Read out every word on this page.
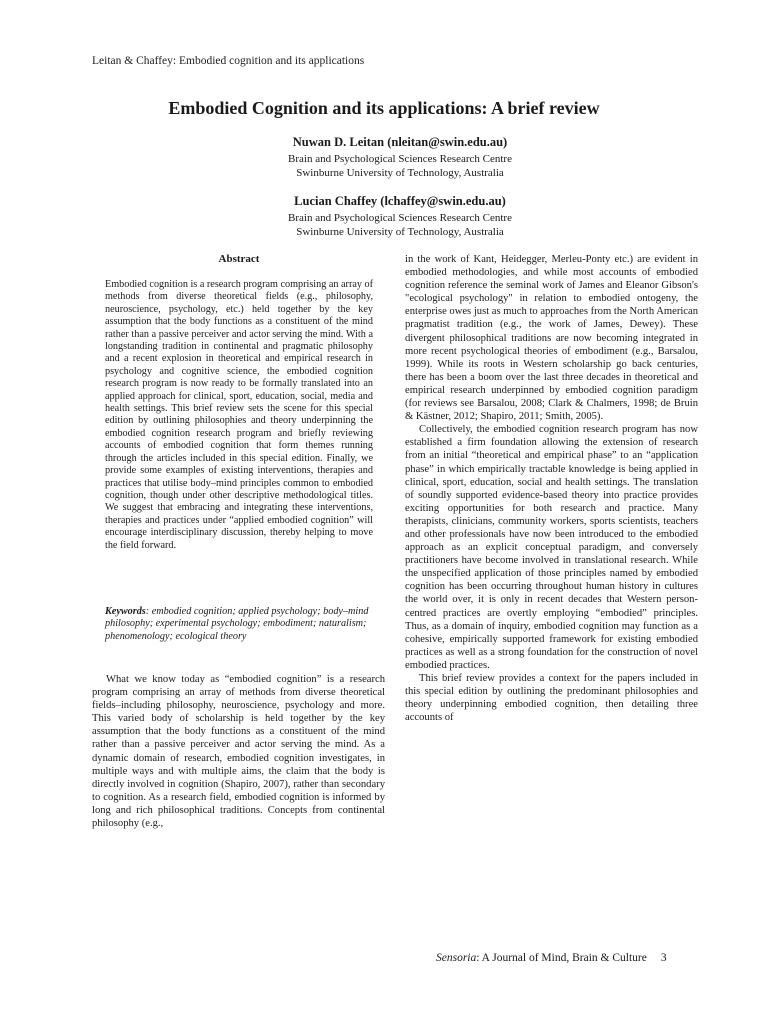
Leitan & Chaffey: Embodied cognition and its applications
Embodied Cognition and its applications: A brief review
Nuwan D. Leitan (nleitan@swin.edu.au)
Brain and Psychological Sciences Research Centre
Swinburne University of Technology, Australia
Lucian Chaffey (lchaffey@swin.edu.au)
Brain and Psychological Sciences Research Centre
Swinburne University of Technology, Australia
Abstract
Embodied cognition is a research program comprising an array of methods from diverse theoretical fields (e.g., philosophy, neuroscience, psychology, etc.) held together by the key assumption that the body functions as a constituent of the mind rather than a passive perceiver and actor serving the mind. With a longstanding tradition in continental and pragmatic philosophy and a recent explosion in theoretical and empirical research in psychology and cognitive science, the embodied cognition research program is now ready to be formally translated into an applied approach for clinical, sport, education, social, media and health settings. This brief review sets the scene for this special edition by outlining philosophies and theory underpinning the embodied cognition research program and briefly reviewing accounts of embodied cognition that form themes running through the articles included in this special edition. Finally, we provide some examples of existing interventions, therapies and practices that utilise body–mind principles common to embodied cognition, though under other descriptive methodological titles. We suggest that embracing and integrating these interventions, therapies and practices under “applied embodied cognition” will encourage interdisciplinary discussion, thereby helping to move the field forward.
Keywords: embodied cognition; applied psychology; body–mind philosophy; experimental psychology; embodiment; naturalism; phenomenology; ecological theory

What we know today as “embodied cognition” is a research program comprising an array of methods from diverse theoretical fields–including philosophy, neuroscience, psychology and more. This varied body of scholarship is held together by the key assumption that the body functions as a constituent of the mind rather than a passive perceiver and actor serving the mind. As a dynamic domain of research, embodied cognition investigates, in multiple ways and with multiple aims, the claim that the body is directly involved in cognition (Shapiro, 2007), rather than secondary to cognition. As a research field, embodied cognition is informed by long and rich philosophical traditions. Concepts from continental philosophy (e.g.,

in the work of Kant, Heidegger, Merleu-Ponty etc.) are evident in embodied methodologies, and while most accounts of embodied cognition reference the seminal work of James and Eleanor Gibson's "ecological psychology" in relation to embodied ontogeny, the enterprise owes just as much to approaches from the North American pragmatist tradition (e.g., the work of James, Dewey). These divergent philosophical traditions are now becoming integrated in more recent psychological theories of embodiment (e.g., Barsalou, 1999). While its roots in Western scholarship go back centuries, there has been a boom over the last three decades in theoretical and empirical research underpinned by embodied cognition paradigm (for reviews see Barsalou, 2008; Clark & Chalmers, 1998; de Bruin & Kästner, 2012; Shapiro, 2011; Smith, 2005).

Collectively, the embodied cognition research program has now established a firm foundation allowing the extension of research from an initial “theoretical and empirical phase” to an “application phase” in which empirically tractable knowledge is being applied in clinical, sport, education, social and health settings. The translation of soundly supported evidence-based theory into practice provides exciting opportunities for both research and practice. Many therapists, clinicians, community workers, sports scientists, teachers and other professionals have now been introduced to the embodied approach as an explicit conceptual paradigm, and conversely practitioners have become involved in translational research. While the unspecified application of those principles named by embodied cognition has been occurring throughout human history in cultures the world over, it is only in recent decades that Western person-centred practices are overtly employing “embodied” principles. Thus, as a domain of inquiry, embodied cognition may function as a cohesive, empirically supported framework for existing embodied practices as well as a strong foundation for the construction of novel embodied practices.

This brief review provides a context for the papers included in this special edition by outlining the predominant philosophies and theory underpinning embodied cognition, then detailing three accounts of

Sensoria: A Journal of Mind, Brain & Culture 3
